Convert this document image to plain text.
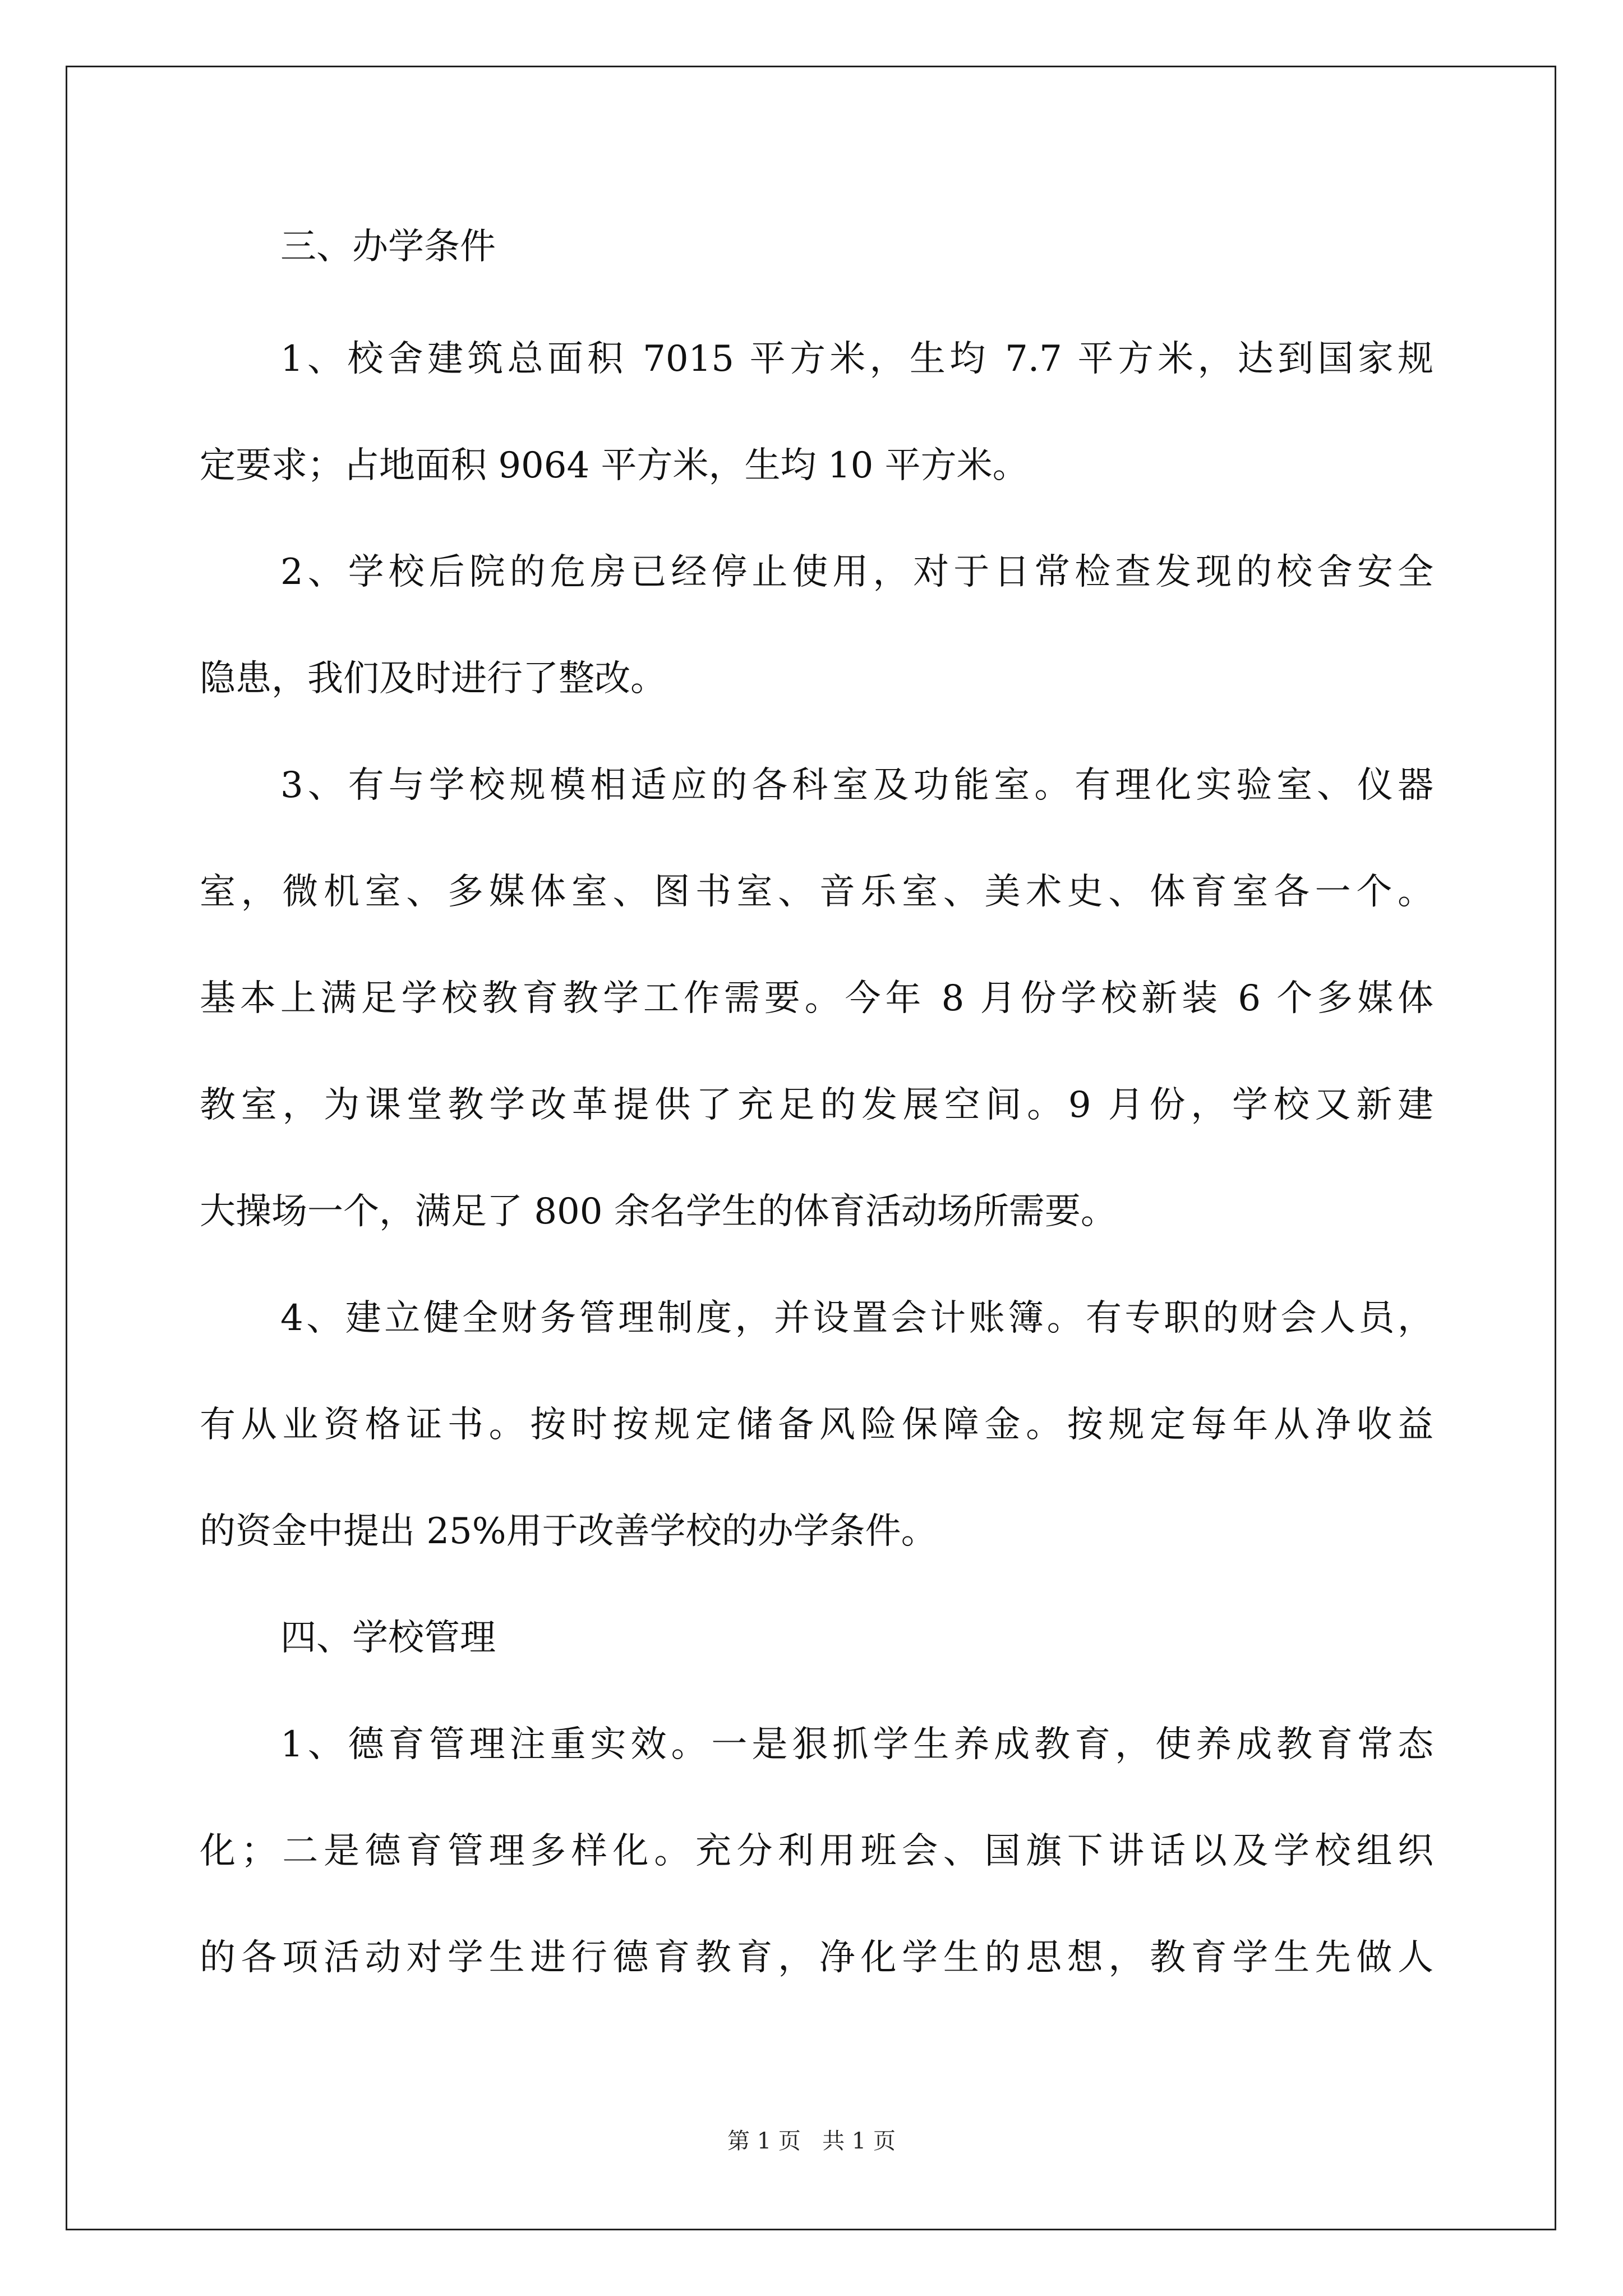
三、办学条件
1、校舍建筑总面积 7015 平方米，生均 7.7 平方米，达到国家规
定要求；占地面积 9064 平方米，生均 10 平方米。
2、学校后院的危房已经停止使用，对于日常检查发现的校舍安全
隐患，我们及时进行了整改。
3、有与学校规模相适应的各科室及功能室。有理化实验室、仪器
室，微机室、多媒体室、图书室、音乐室、美术史、体育室各一个。
基本上满足学校教育教学工作需要。今年 8 月份学校新装 6 个多媒体
教室，为课堂教学改革提供了充足的发展空间。9 月份，学校又新建
大操场一个，满足了 800 余名学生的体育活动场所需要。
4、建立健全财务管理制度，并设置会计账簿。有专职的财会人员，
有从业资格证书。按时按规定储备风险保障金。按规定每年从净收益
的资金中提出 25%用于改善学校的办学条件。
四、学校管理
1、德育管理注重实效。一是狠抓学生养成教育，使养成教育常态
化；二是德育管理多样化。充分利用班会、国旗下讲话以及学校组织
的各项活动对学生进行德育教育，净化学生的思想，教育学生先做人
第 1 页   共 1 页
